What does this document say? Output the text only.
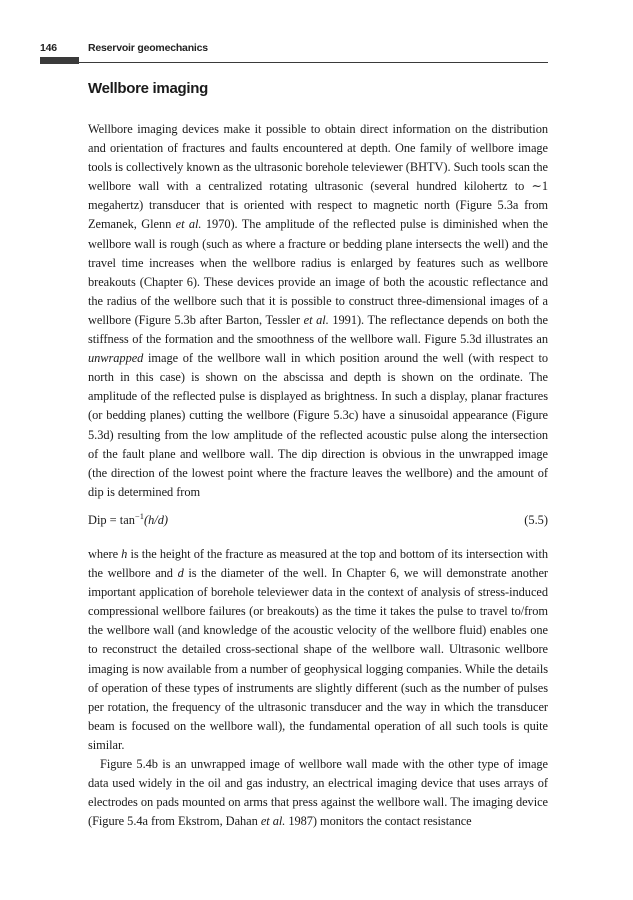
146	Reservoir geomechanics
Wellbore imaging

Wellbore imaging devices make it possible to obtain direct information on the distribution and orientation of fractures and faults encountered at depth. One family of wellbore image tools is collectively known as the ultrasonic borehole televiewer (BHTV). Such tools scan the wellbore wall with a centralized rotating ultrasonic (several hundred kilohertz to ∼1 megahertz) transducer that is oriented with respect to magnetic north (Figure 5.3a from Zemanek, Glenn et al. 1970). The amplitude of the reflected pulse is diminished when the wellbore wall is rough (such as where a fracture or bedding plane intersects the well) and the travel time increases when the wellbore radius is enlarged by features such as wellbore breakouts (Chapter 6). These devices provide an image of both the acoustic reflectance and the radius of the wellbore such that it is possible to construct three-dimensional images of a wellbore (Figure 5.3b after Barton, Tessler et al. 1991). The reflectance depends on both the stiffness of the formation and the smoothness of the wellbore wall. Figure 5.3d illustrates an unwrapped image of the wellbore wall in which position around the well (with respect to north in this case) is shown on the abscissa and depth is shown on the ordinate. The amplitude of the reflected pulse is displayed as brightness. In such a display, planar fractures (or bedding planes) cutting the wellbore (Figure 5.3c) have a sinusoidal appearance (Figure 5.3d) resulting from the low amplitude of the reflected acoustic pulse along the intersection of the fault plane and wellbore wall. The dip direction is obvious in the unwrapped image (the direction of the lowest point where the fracture leaves the wellbore) and the amount of dip is determined from

Dip = $\tan^{-1}(h/d)$	(5.5)

where h is the height of the fracture as measured at the top and bottom of its intersection with the wellbore and d is the diameter of the well. In Chapter 6, we will demonstrate another important application of borehole televiewer data in the context of analysis of stress-induced compressional wellbore failures (or breakouts) as the time it takes the pulse to travel to/from the wellbore wall (and knowledge of the acoustic velocity of the wellbore fluid) enables one to reconstruct the detailed cross-sectional shape of the wellbore wall. Ultrasonic wellbore imaging is now available from a number of geophysical logging companies. While the details of operation of these types of instruments are slightly different (such as the number of pulses per rotation, the frequency of the ultrasonic transducer and the way in which the transducer beam is focused on the wellbore wall), the fundamental operation of all such tools is quite similar.

Figure 5.4b is an unwrapped image of wellbore wall made with the other type of image data used widely in the oil and gas industry, an electrical imaging device that uses arrays of electrodes on pads mounted on arms that press against the wellbore wall. The imaging device (Figure 5.4a from Ekstrom, Dahan et al. 1987) monitors the contact resistance
